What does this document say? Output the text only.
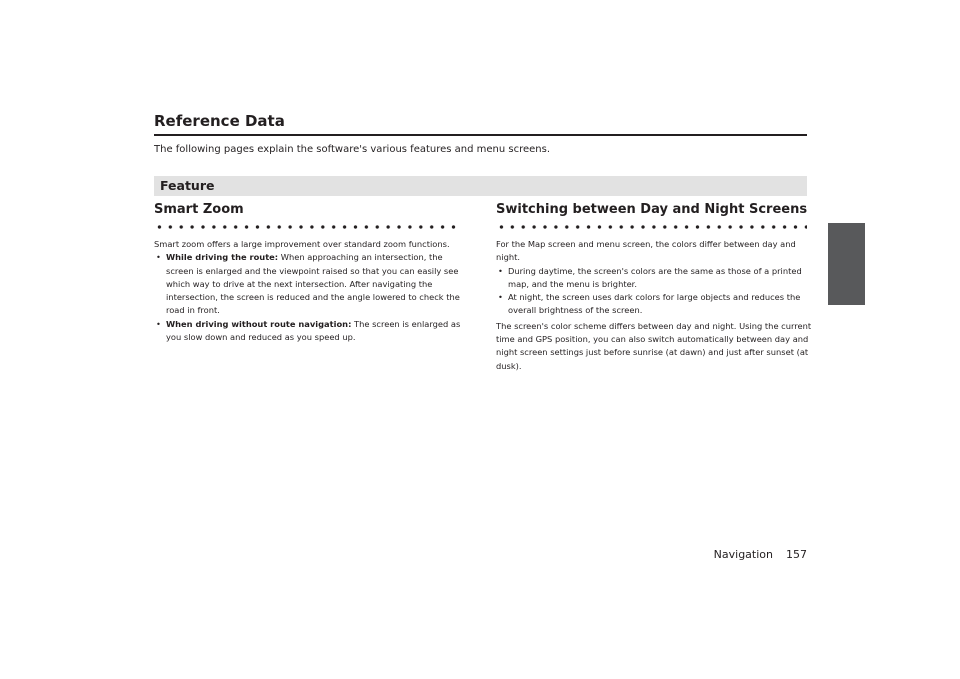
Reference Data

The following pages explain the software's various features and menu screens.

Feature
Smart Zoom

Smart zoom offers a large improvement over standard zoom functions.

• While driving the route: When approaching an intersection, the screen is enlarged and the viewpoint raised so that you can easily see which way to drive at the next intersection. After navigating the intersection, the screen is reduced and the angle lowered to check the road in front.

• When driving without route navigation: The screen is enlarged as you slow down and reduced as you speed up.

Switching between Day and Night Screens

For the Map screen and menu screen, the colors differ between day and night.

• During daytime, the screen's colors are the same as those of a printed map, and the menu is brighter.

• At night, the screen uses dark colors for large objects and reduces the overall brightness of the screen.

The screen's color scheme differs between day and night. Using the current time and GPS position, you can also switch automatically between day and night screen settings just before sunrise (at dawn) and just after sunset (at dusk).

Navigation 157
